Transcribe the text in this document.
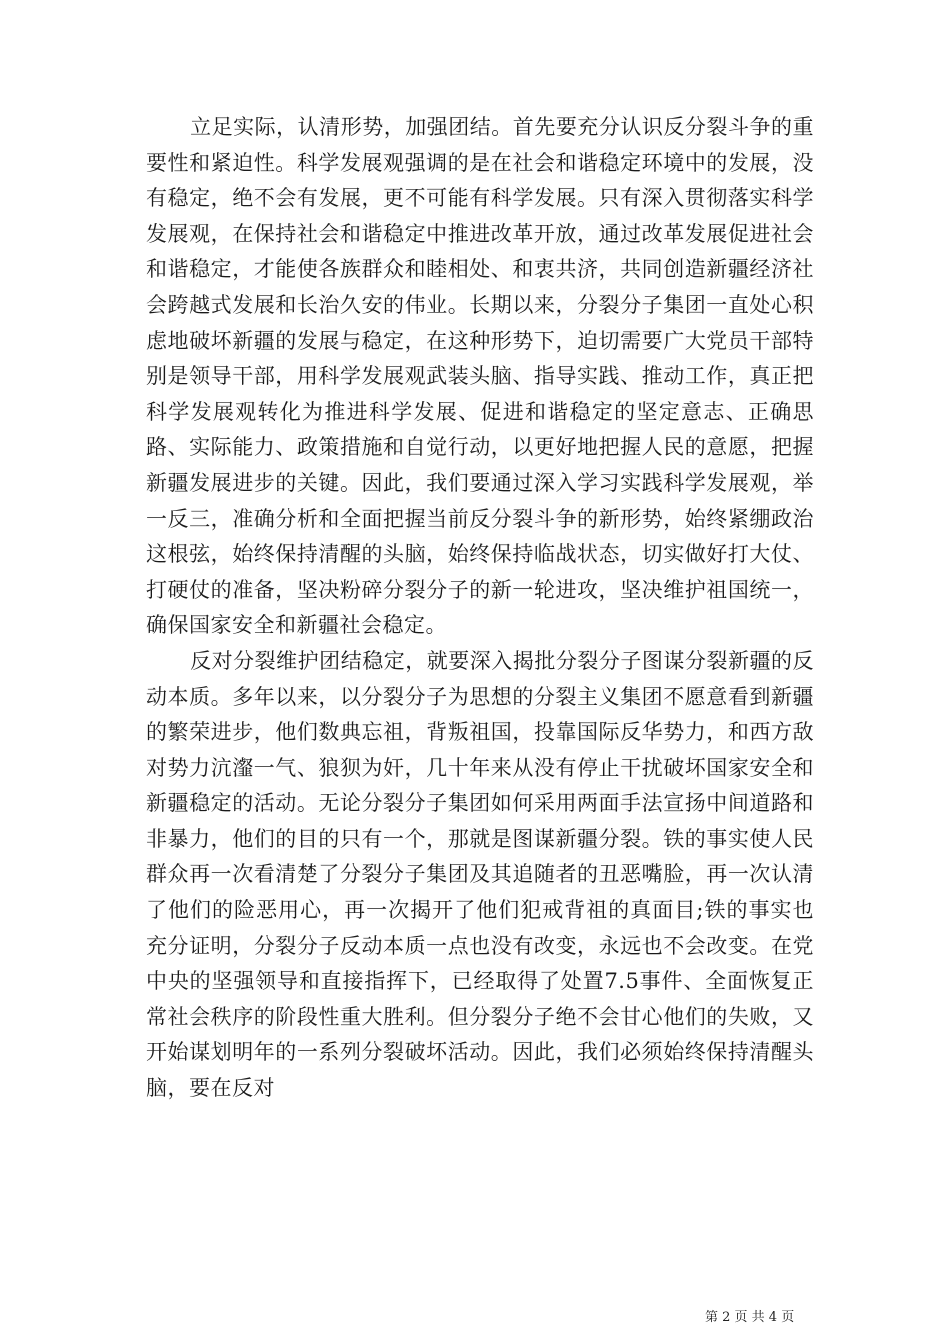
立足实际，认清形势，加强团结。首先要充分认识反分裂斗争的重要性和紧迫性。科学发展观强调的是在社会和谐稳定环境中的发展，没有稳定，绝不会有发展，更不可能有科学发展。只有深入贯彻落实科学发展观，在保持社会和谐稳定中推进改革开放，通过改革发展促进社会和谐稳定，才能使各族群众和睦相处、和衷共济，共同创造新疆经济社会跨越式发展和长治久安的伟业。长期以来，分裂分子集团一直处心积虑地破坏新疆的发展与稳定，在这种形势下，迫切需要广大党员干部特别是领导干部，用科学发展观武装头脑、指导实践、推动工作，真正把科学发展观转化为推进科学发展、促进和谐稳定的坚定意志、正确思路、实际能力、政策措施和自觉行动，以更好地把握人民的意愿，把握新疆发展进步的关键。因此，我们要通过深入学习实践科学发展观，举一反三，准确分析和全面把握当前反分裂斗争的新形势，始终紧绷政治这根弦，始终保持清醒的头脑，始终保持临战状态，切实做好打大仗、打硬仗的准备，坚决粉碎分裂分子的新一轮进攻，坚决维护祖国统一，确保国家安全和新疆社会稳定。

反对分裂维护团结稳定，就要深入揭批分裂分子图谋分裂新疆的反动本质。多年以来，以分裂分子为思想的分裂主义集团不愿意看到新疆的繁荣进步，他们数典忘祖，背叛祖国，投靠国际反华势力，和西方敌对势力沆瀣一气、狼狈为奸，几十年来从没有停止干扰破坏国家安全和新疆稳定的活动。无论分裂分子集团如何采用两面手法宣扬中间道路和非暴力，他们的目的只有一个，那就是图谋新疆分裂。铁的事实使人民群众再一次看清楚了分裂分子集团及其追随者的丑恶嘴脸，再一次认清了他们的险恶用心，再一次揭开了他们犯戒背祖的真面目;铁的事实也充分证明，分裂分子反动本质一点也没有改变，永远也不会改变。在党中央的坚强领导和直接指挥下，已经取得了处置7.5事件、全面恢复正常社会秩序的阶段性重大胜利。但分裂分子绝不会甘心他们的失败，又开始谋划明年的一系列分裂破坏活动。因此，我们必须始终保持清醒头脑，要在反对

第 2 页 共 4 页
